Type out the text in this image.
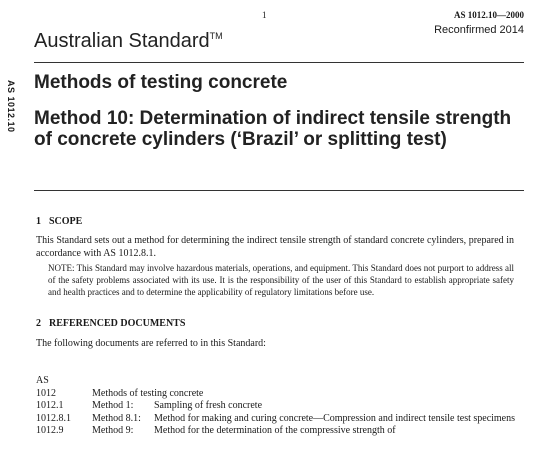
1	AS 1012.10—2000
Reconfirmed 2014
Australian Standard™
AS 1012.10 Methods of testing concrete
Method 10: Determination of indirect tensile strength of concrete cylinders (‘Brazil’ or splitting test)
1 SCOPE
This Standard sets out a method for determining the indirect tensile strength of standard concrete cylinders, prepared in accordance with AS 1012.8.1.
NOTE: This Standard may involve hazardous materials, operations, and equipment. This Standard does not purport to address all of the safety problems associated with its use. It is the responsibility of the user of this Standard to establish appropriate safety and health practices and to determine the applicability of regulatory limitations before use.
2 REFERENCED DOCUMENTS
The following documents are referred to in this Standard:
AS
1012	Methods of testing concrete
1012.1	Method 1:	Sampling of fresh concrete
1012.8.1	Method 8.1:	Method for making and curing concrete—Compression and indirect tensile test specimens
1012.9	Method 9:	Method for the determination of the compressive strength of
